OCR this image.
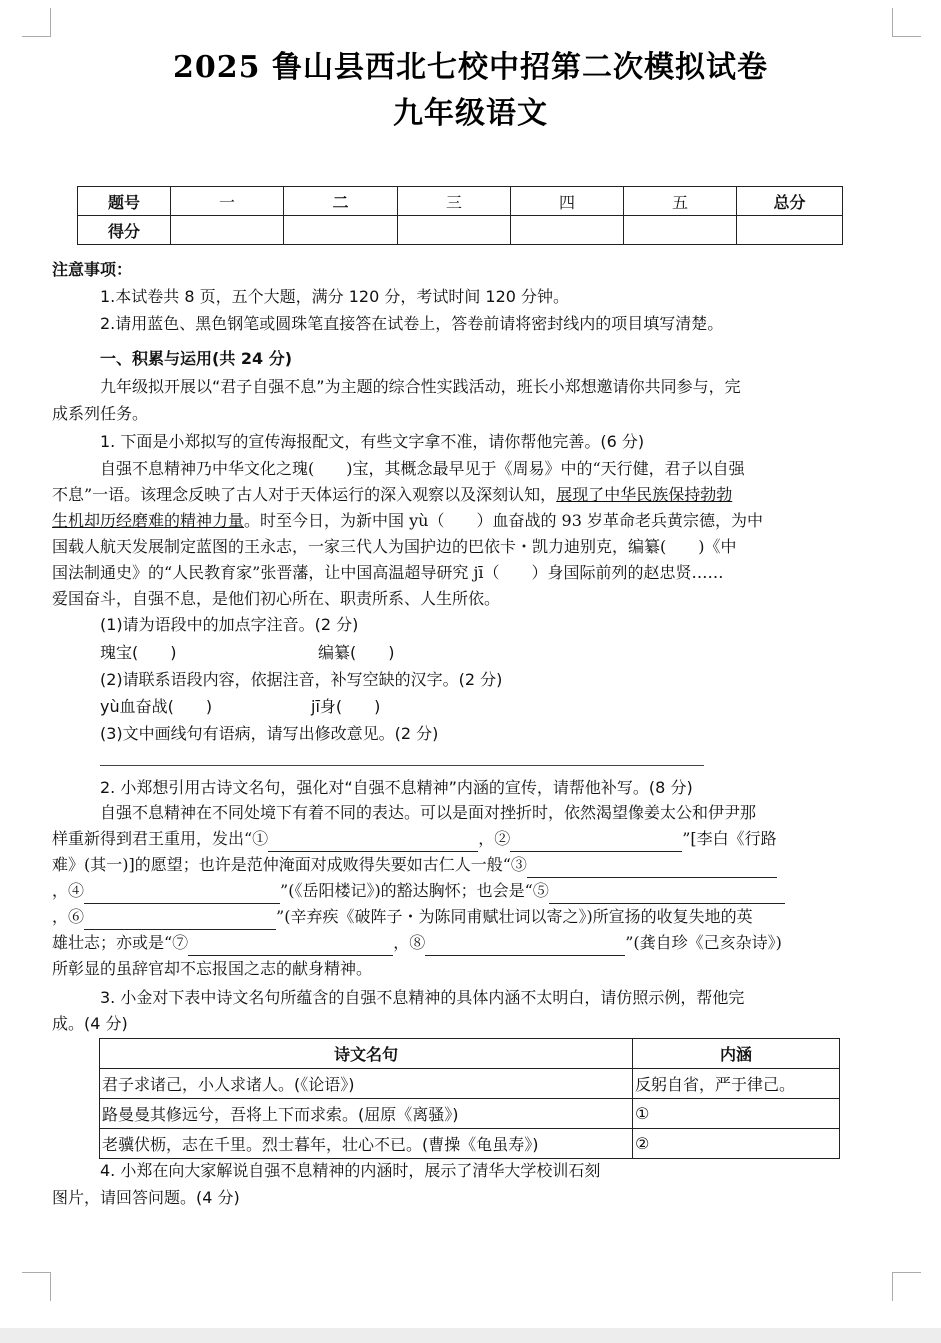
2025 鲁山县西北七校中招第二次模拟试卷
九年级语文
题号	一	二	三	四	五	总分
得分						
注意事项：
1.本试卷共 8 页，五个大题，满分 120 分，考试时间 120 分钟。
2.请用蓝色、黑色钢笔或圆珠笔直接答在试卷上，答卷前请将密封线内的项目填写清楚。
一、积累与运用(共 24 分)
九年级拟开展以“君子自强不息”为主题的综合性实践活动，班长小郑想邀请你共同参与，完
成系列任务。
1. 下面是小郑拟写的宣传海报配文，有些文字拿不准，请你帮他完善。(6 分)
自强不息精神乃中华文化之瑰(　　)宝，其概念最早见于《周易》中的“天行健，君子以自强
不息”一语。该理念反映了古人对于天体运行的深入观察以及深刻认知，展现了中华民族保持勃勃
生机却历经磨难的精神力量。时至今日，为新中国 yù（　　）血奋战的 93 岁革命老兵黄宗德，为中
国载人航天发展制定蓝图的王永志，一家三代人为国护边的巴依卡・凯力迪别克，编纂(　　)《中
国法制通史》的“人民教育家”张晋藩，让中国高温超导研究 jī（　　）身国际前列的赵忠贤……
爱国奋斗，自强不息，是他们初心所在、职责所系、人生所依。
(1)请为语段中的加点字注音。(2 分)
瑰宝(　　)	编纂(　　)
(2)请联系语段内容，依据注音，补写空缺的汉字。(2 分)
yù血奋战(　　)	jī身(　　)
(3)文中画线句有语病，请写出修改意见。(2 分)
2. 小郑想引用古诗文名句，强化对“自强不息精神”内涵的宣传，请帮他补写。(8 分)
自强不息精神在不同处境下有着不同的表达。可以是面对挫折时，依然渴望像姜太公和伊尹那
样重新得到君王重用，发出“①	，②	”[李白《行路
难》(其一)]的愿望；也许是范仲淹面对成败得失要如古仁人一般“③
，④	”(《岳阳楼记》)的豁达胸怀；也会是“⑤
，⑥	”(辛弃疾《破阵子・为陈同甫赋壮词以寄之》)所宣扬的收复失地的英
雄壮志；亦或是“⑦	，⑧	”(龚自珍《己亥杂诗》)
所彰显的虽辞官却不忘报国之志的献身精神。
3. 小金对下表中诗文名句所蕴含的自强不息精神的具体内涵不太明白，请仿照示例，帮他完
成。(4 分)
诗文名句	内涵
君子求诸己，小人求诸人。(《论语》)	反躬自省，严于律己。
路曼曼其修远兮，吾将上下而求索。(屈原《离骚》)	①
老骥伏枥，志在千里。烈士暮年，壮心不已。(曹操《龟虽寿》)	②
4. 小郑在向大家解说自强不息精神的内涵时，展示了清华大学校训石刻
图片，请回答问题。(4 分)
